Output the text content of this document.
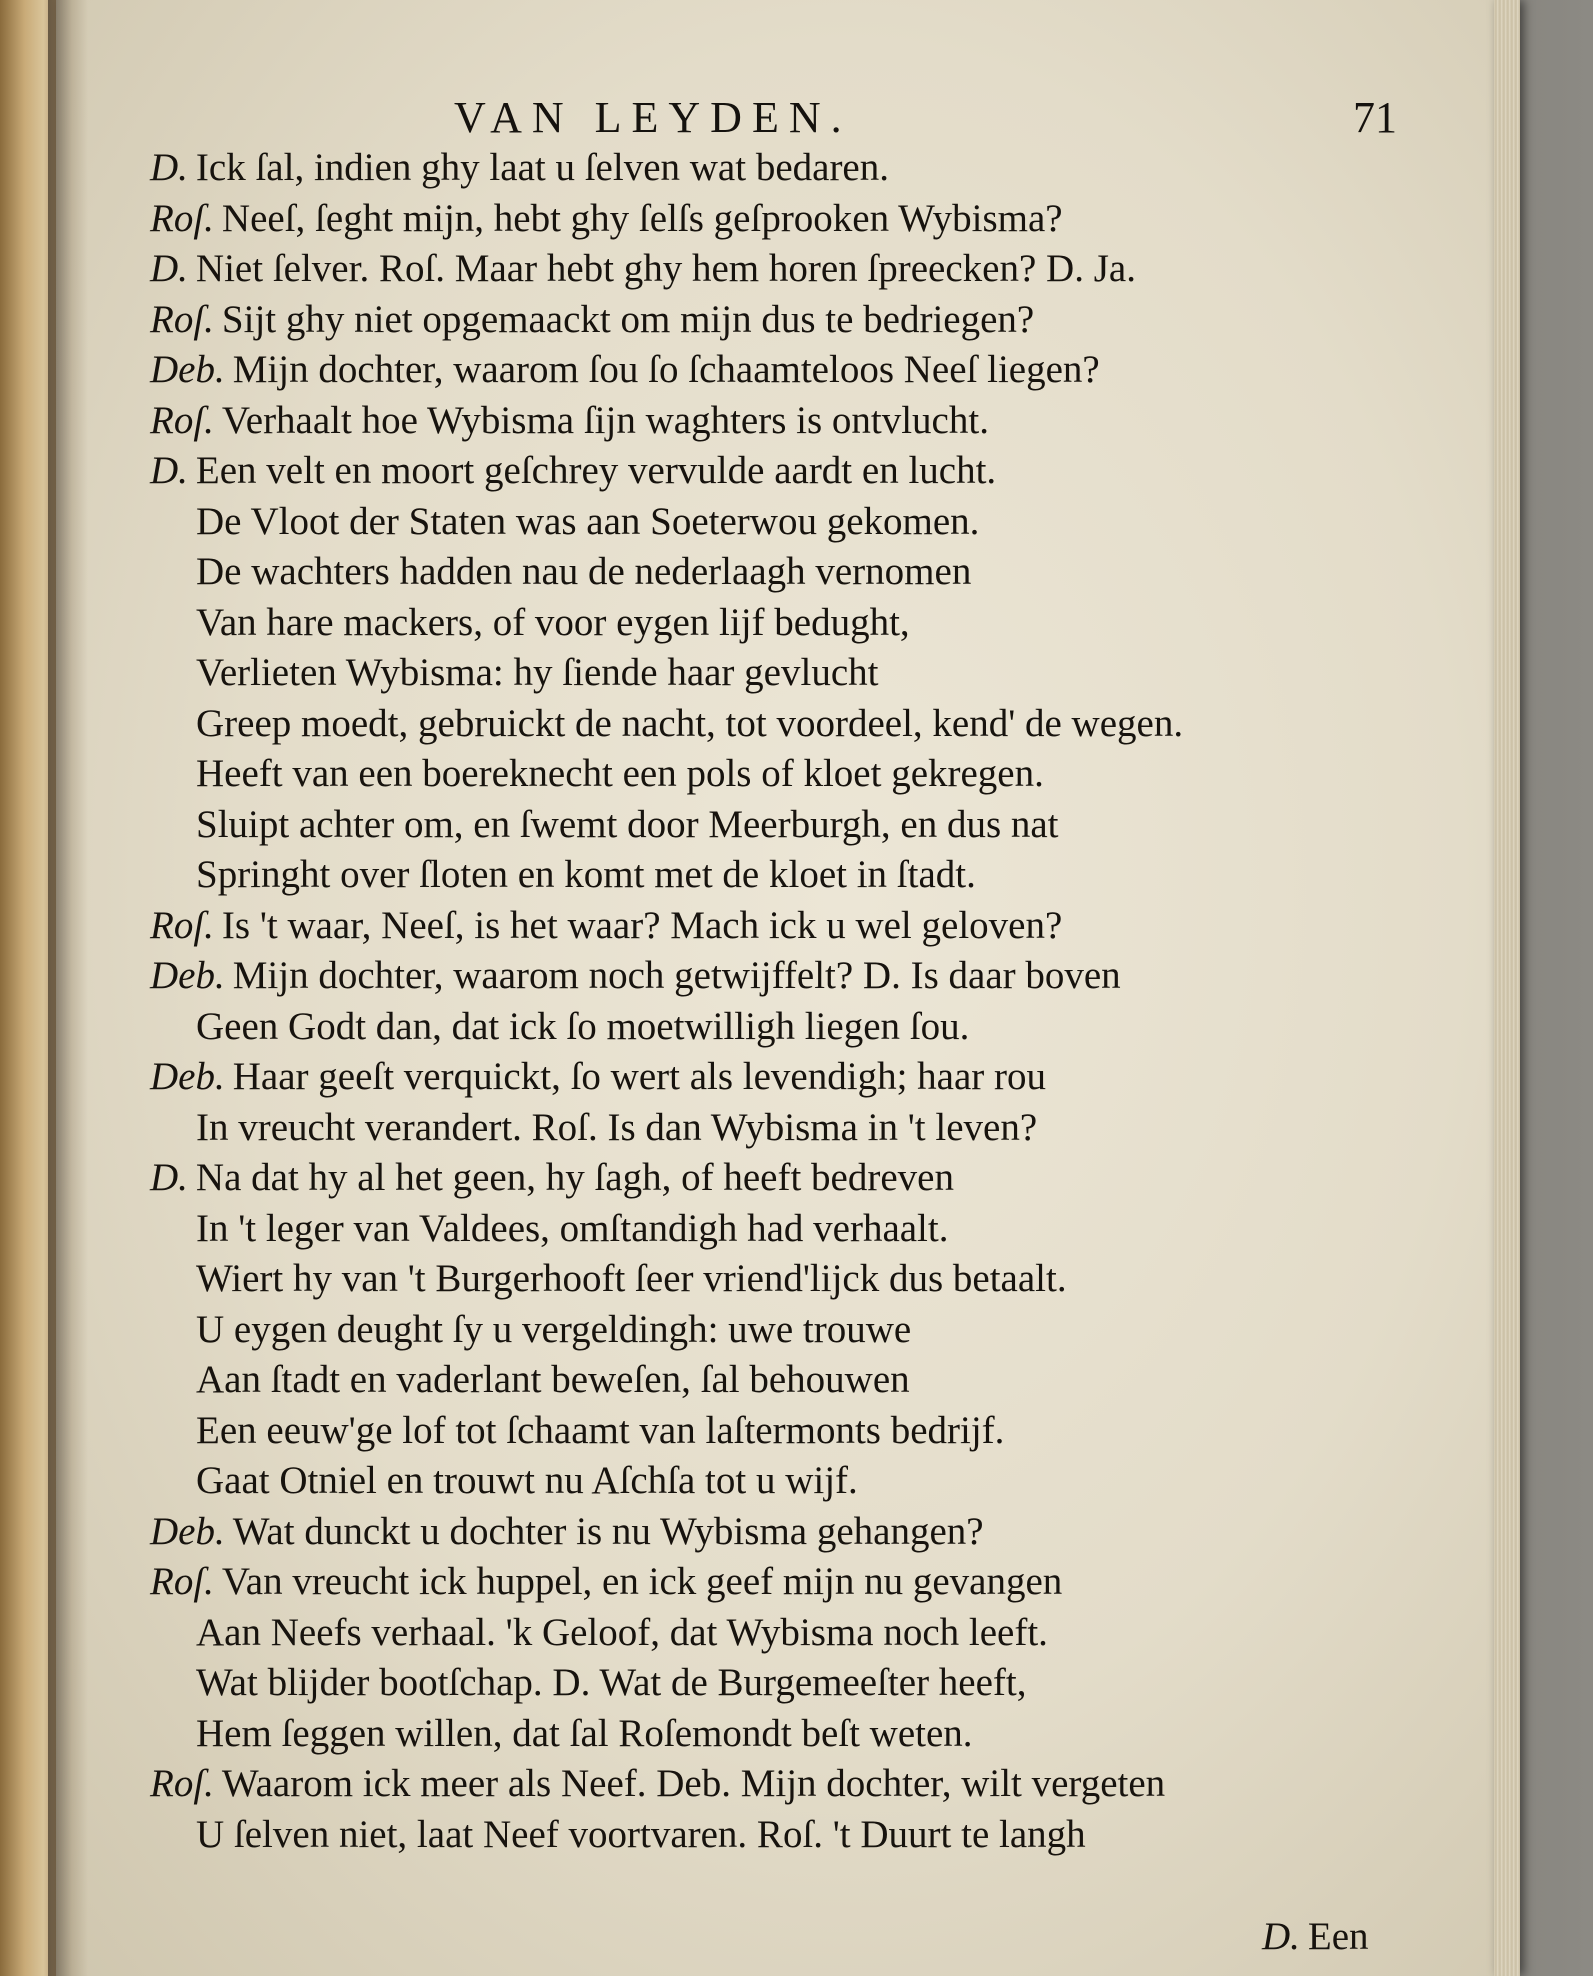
VAN LEYDEN.	71
D. Ick ſal, indien ghy laat u ſelven wat bedaren.
Roſ. Neeſ, ſeght mijn, hebt ghy ſelſs geſprooken Wybisma?
D. Niet ſelver. Roſ. Maar hebt ghy hem horen ſpreecken? D. Ja.
Roſ. Sijt ghy niet opgemaackt om mijn dus te bedriegen?
Deb. Mijn dochter, waarom ſou ſo ſchaamteloos Neeſ liegen?
Roſ. Verhaalt hoe Wybisma ſijn waghters is ontvlucht.
D. Een velt en moort geſchrey vervulde aardt en lucht.
De Vloot der Staten was aan Soeterwou gekomen.
De wachters hadden nau de nederlaagh vernomen
Van hare mackers, of voor eygen lijf bedught,
Verlieten Wybisma: hy ſiende haar gevlucht
Greep moedt, gebruickt de nacht, tot voordeel, kend' de wegen.
Heeft van een boereknecht een pols of kloet gekregen.
Sluipt achter om, en ſwemt door Meerburgh, en dus nat
Springht over ſloten en komt met de kloet in ſtadt.
Roſ. Is 't waar, Neeſ, is het waar? Mach ick u wel geloven?
Deb. Mijn dochter, waarom noch getwijffelt? D. Is daar boven
Geen Godt dan, dat ick ſo moetwilligh liegen ſou.
Deb. Haar geeſt verquickt, ſo wert als levendigh; haar rou
In vreucht verandert. Roſ. Is dan Wybisma in 't leven?
D. Na dat hy al het geen, hy ſagh, of heeft bedreven
In 't leger van Valdees, omſtandigh had verhaalt.
Wiert hy van 't Burgerhooft ſeer vriend'lijck dus betaalt.
U eygen deught ſy u vergeldingh: uwe trouwe
Aan ſtadt en vaderlant beweſen, ſal behouwen
Een eeuw'ge lof tot ſchaamt van laſtermonts bedrijf.
Gaat Otniel en trouwt nu Aſchſa tot u wijf.
Deb. Wat dunckt u dochter is nu Wybisma gehangen?
Roſ. Van vreucht ick huppel, en ick geef mijn nu gevangen
Aan Neefs verhaal. 'k Geloof, dat Wybisma noch leeft.
Wat blijder bootſchap. D. Wat de Burgemeeſter heeft,
Hem ſeggen willen, dat ſal Roſemondt beſt weten.
Roſ. Waarom ick meer als Neef. Deb. Mijn dochter, wilt vergeten
U ſelven niet, laat Neef voortvaren. Roſ. 't Duurt te langh
D. Een
